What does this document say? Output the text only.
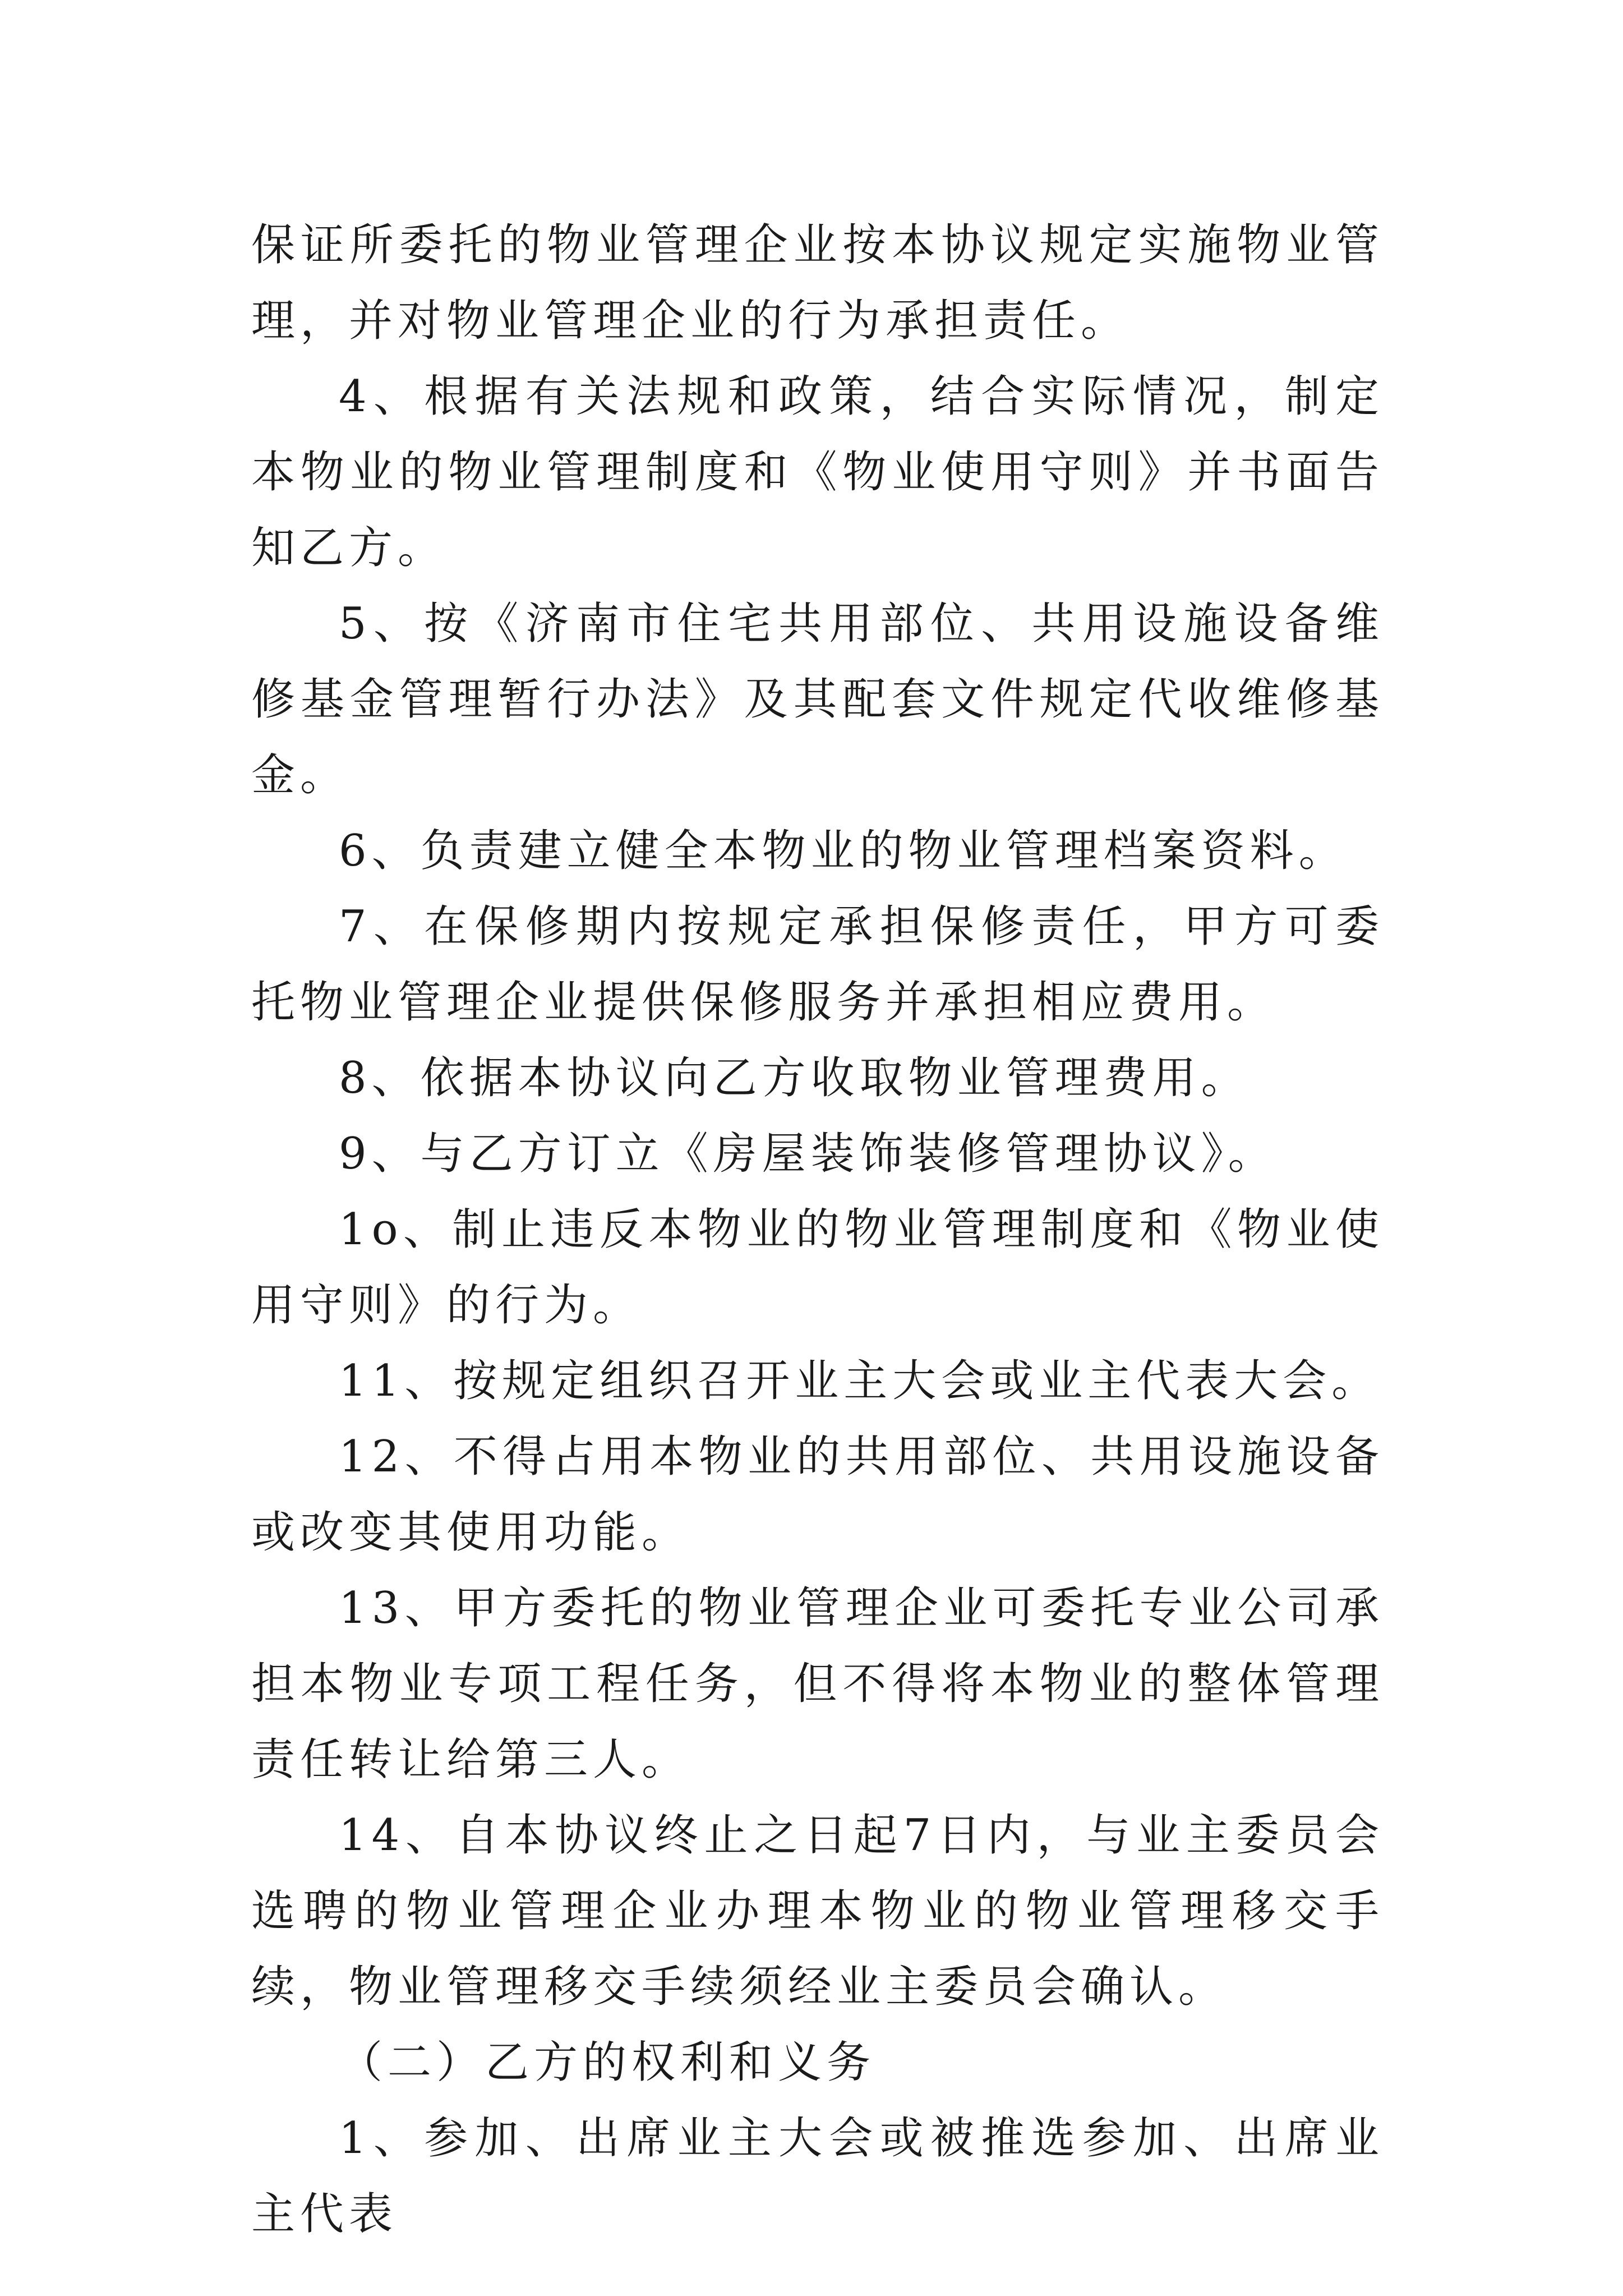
保证所委托的物业管理企业按本协议规定实施物业管理，并对物业管理企业的行为承担责任。

4、根据有关法规和政策，结合实际情况，制定本物业的物业管理制度和《物业使用守则》并书面告知乙方。

5、按《济南市住宅共用部位、共用设施设备维修基金管理暂行办法》及其配套文件规定代收维修基金。

6、负责建立健全本物业的物业管理档案资料。

7、在保修期内按规定承担保修责任，甲方可委托物业管理企业提供保修服务并承担相应费用。

8、依据本协议向乙方收取物业管理费用。

9、与乙方订立《房屋装饰装修管理协议》。

1o、制止违反本物业的物业管理制度和《物业使用守则》的行为。

11、按规定组织召开业主大会或业主代表大会。

12、不得占用本物业的共用部位、共用设施设备或改变其使用功能。

13、甲方委托的物业管理企业可委托专业公司承担本物业专项工程任务，但不得将本物业的整体管理责任转让给第三人。

14、自本协议终止之日起7日内，与业主委员会选聘的物业管理企业办理本物业的物业管理移交手续，物业管理移交手续须经业主委员会确认。

（二）乙方的权利和义务

1、参加、出席业主大会或被推选参加、出席业主代表
